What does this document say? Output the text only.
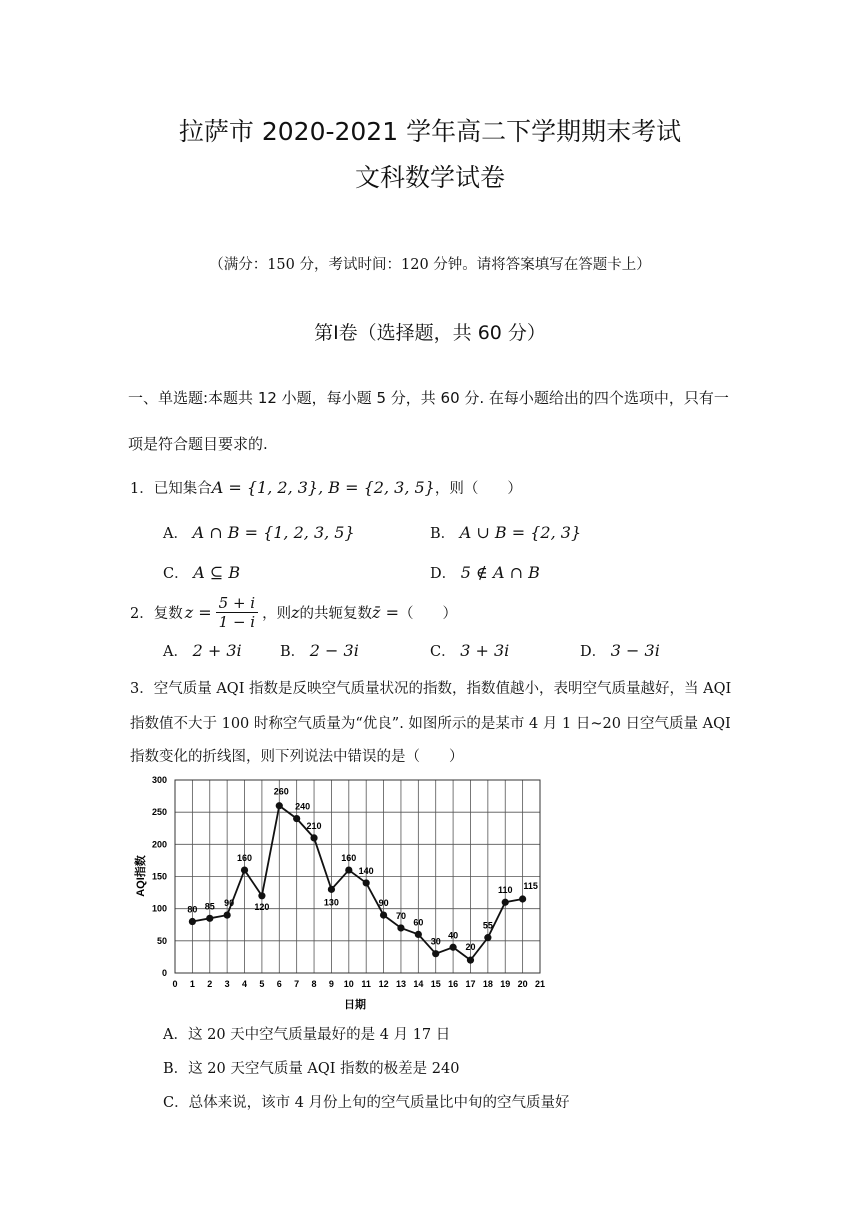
拉萨市 2020-2021 学年高二下学期期末考试
文科数学试卷
（满分：150 分，考试时间：120 分钟。请将答案填写在答题卡上）
第Ⅰ卷（选择题，共 60 分）
一、单选题:本题共 12 小题，每小题 5 分，共 60 分. 在每小题给出的四个选项中，只有一
项是符合题目要求的.
1．已知集合A = {1, 2, 3}, B = {2, 3, 5}，则（　　）
A． A ∩ B = {1, 2, 3, 5}	B． A ∪ B = {2, 3}
C． A ⊆ B	D． 5 ∉ A ∩ B
2．复数 z = 5 + i
1 − i ，则 z 的共轭复数 z̄ = （　　）
A． 2 + 3i	B． 2 − 3i	C． 3 + 3i	D． 3 − 3i
3．空气质量 AQI 指数是反映空气质量状况的指数，指数值越小，表明空气质量越好，当 AQI
指数值不大于 100 时称空气质量为“优良”. 如图所示的是某市 4 月 1 日~20 日空气质量 AQI
指数变化的折线图，则下列说法中错误的是（　　）
0 1 2 3 4 5 6 7 8 9 10 11 12 13 14 15 16 17 18 19 20 21
0
50
100
150
200
250
300
80 85 90
160
120
260
240
210
130
160
140
90
70
60
30
40
20
55
110 115
日期
AQI指数
A．这 20 天中空气质量最好的是 4 月 17 日
B．这 20 天空气质量 AQI 指数的极差是 240
C．总体来说，该市 4 月份上旬的空气质量比中旬的空气质量好
